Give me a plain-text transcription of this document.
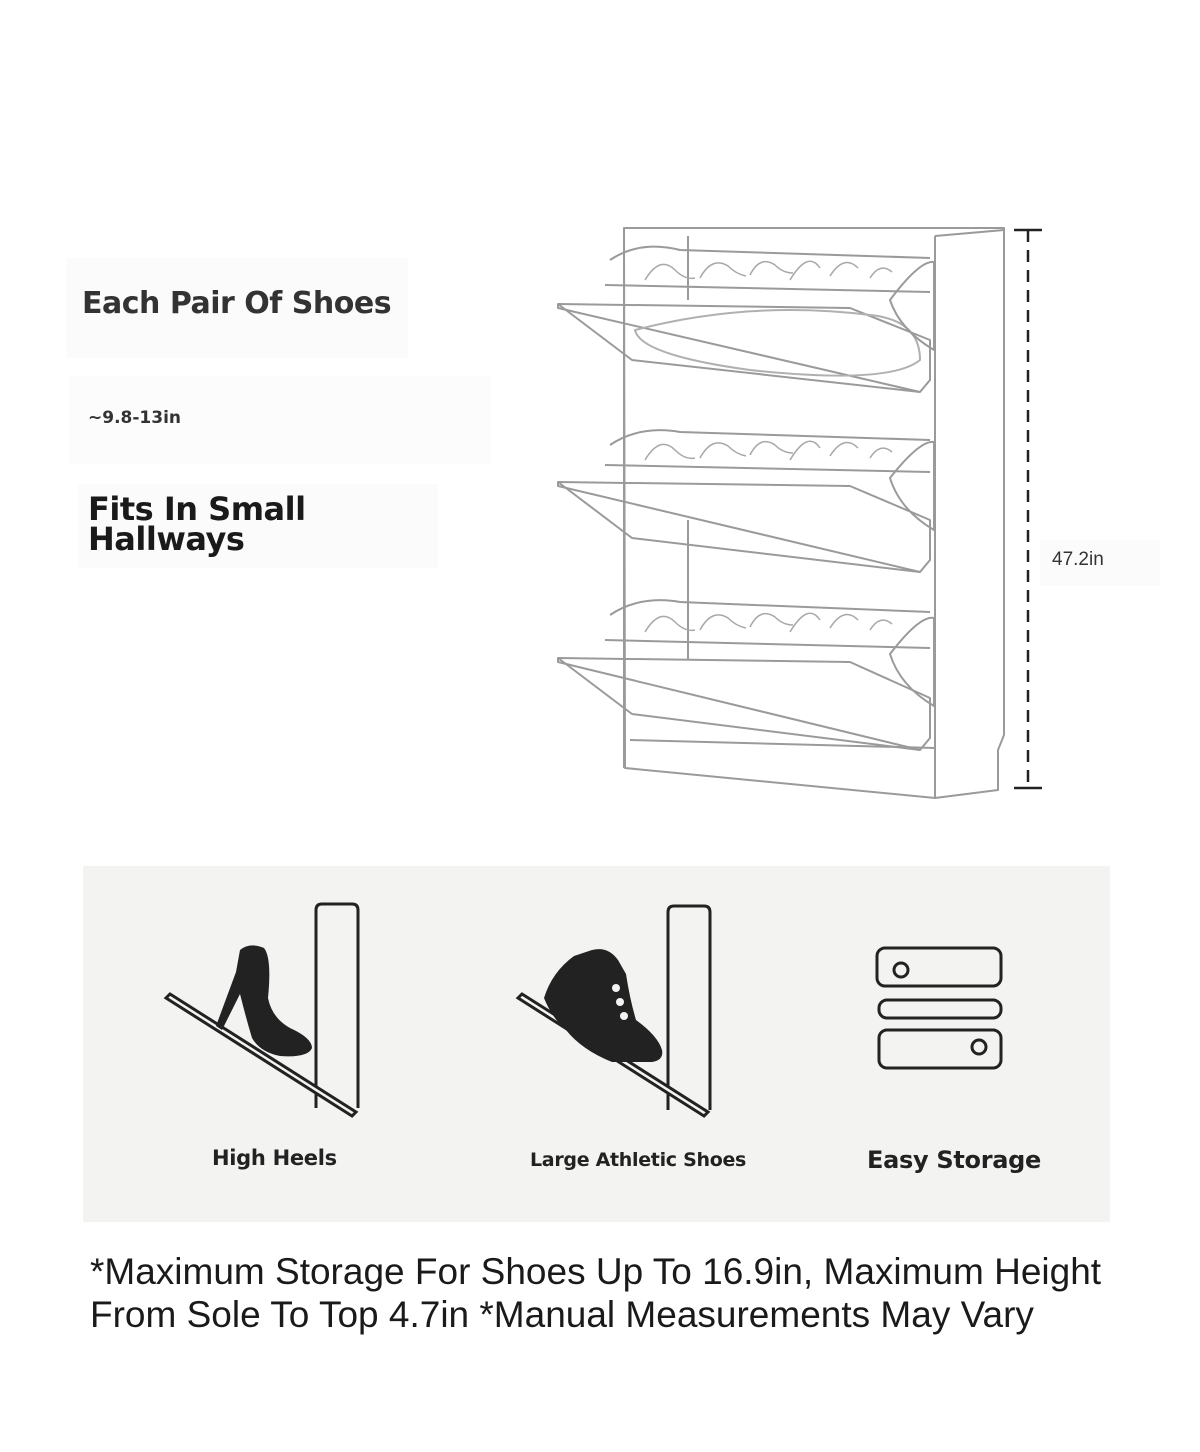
Each Pair Of Shoes
~9.8-13in
Fits In Small Hallways
47.2in
High Heels	Large Athletic Shoes	Easy Storage
*Maximum Storage For Shoes Up To 16.9in, Maximum Height From Sole To Top 4.7in *Manual Measurements May Vary
